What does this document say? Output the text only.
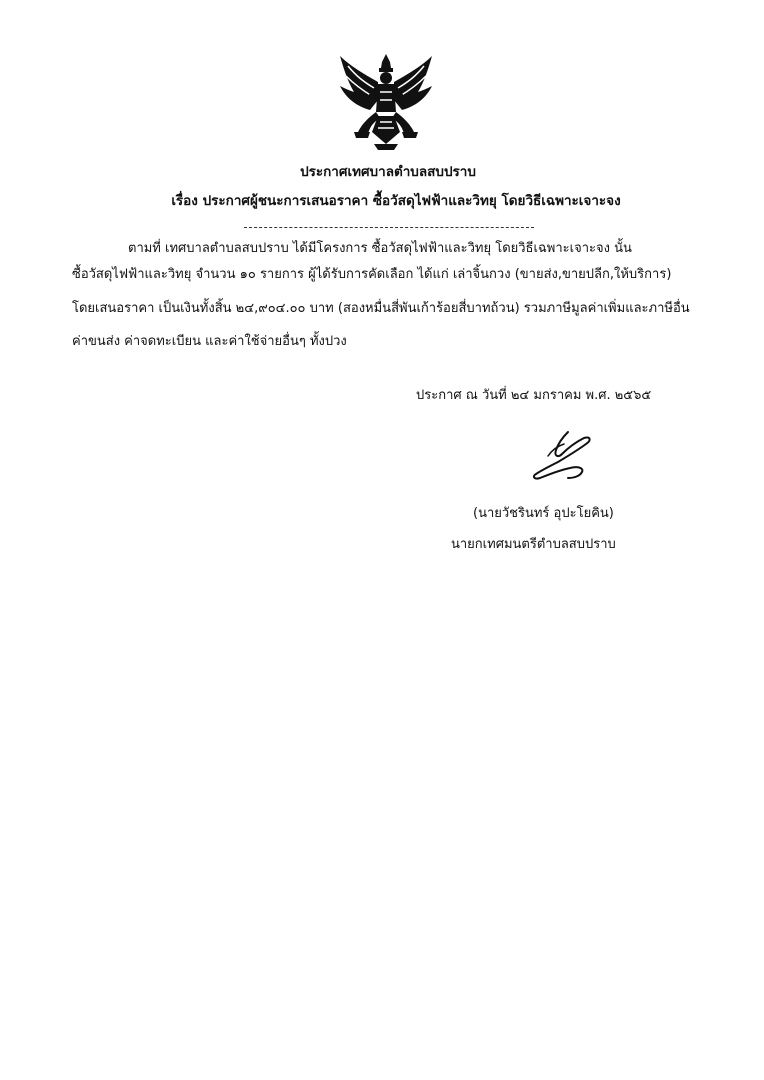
ประกาศเทศบาลตำบลสบปราบ
เรื่อง ประกาศผู้ชนะการเสนอราคา ซื้อวัสดุไฟฟ้าและวิทยุ โดยวิธีเฉพาะเจาะจง
ตามที่ เทศบาลตำบลสบปราบ ได้มีโครงการ ซื้อวัสดุไฟฟ้าและวิทยุ โดยวิธีเฉพาะเจาะจง นั้น
ซื้อวัสดุไฟฟ้าและวิทยุ จำนวน ๑๐ รายการ ผู้ได้รับการคัดเลือก ได้แก่ เล่าจิ้นกวง (ขายส่ง,ขายปลีก,ให้บริการ)
โดยเสนอราคา เป็นเงินทั้งสิ้น ๒๔,๙๐๔.๐๐ บาท (สองหมื่นสี่พันเก้าร้อยสี่บาทถ้วน) รวมภาษีมูลค่าเพิ่มและภาษีอื่น
ค่าขนส่ง ค่าจดทะเบียน และค่าใช้จ่ายอื่นๆ ทั้งปวง
ประกาศ ณ วันที่ ๒๔ มกราคม พ.ศ. ๒๕๖๕
(นายวัชรินทร์ อุปะโยคิน)
นายกเทศมนตรีตำบลสบปราบ
